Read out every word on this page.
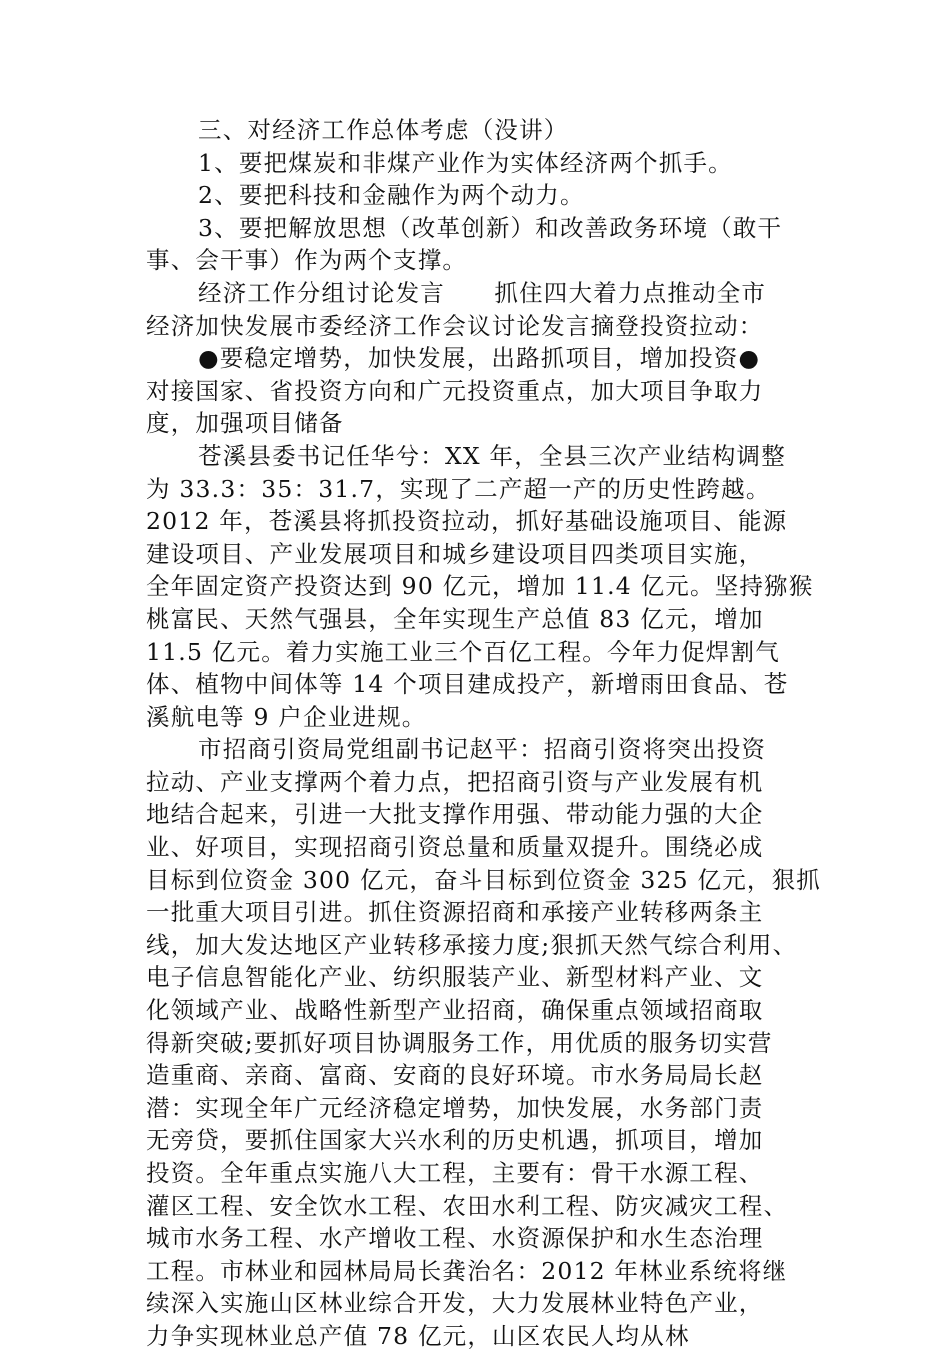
三、对经济工作总体考虑（没讲）
1、要把煤炭和非煤产业作为实体经济两个抓手。
2、要把科技和金融作为两个动力。
3、要把解放思想（改革创新）和改善政务环境（敢干
事、会干事）作为两个支撑。
经济工作分组讨论发言　　抓住四大着力点推动全市
经济加快发展市委经济工作会议讨论发言摘登投资拉动：
●要稳定增势，加快发展，出路抓项目，增加投资●
对接国家、省投资方向和广元投资重点，加大项目争取力
度，加强项目储备
苍溪县委书记任华兮：XX 年，全县三次产业结构调整
为 33.3：35：31.7，实现了二产超一产的历史性跨越。
2012 年，苍溪县将抓投资拉动，抓好基础设施项目、能源
建设项目、产业发展项目和城乡建设项目四类项目实施，
全年固定资产投资达到 90 亿元，增加 11.4 亿元。坚持猕猴
桃富民、天然气强县，全年实现生产总值 83 亿元，增加
11.5 亿元。着力实施工业三个百亿工程。今年力促焊割气
体、植物中间体等 14 个项目建成投产，新增雨田食品、苍
溪航电等 9 户企业进规。
市招商引资局党组副书记赵平：招商引资将突出投资
拉动、产业支撑两个着力点，把招商引资与产业发展有机
地结合起来，引进一大批支撑作用强、带动能力强的大企
业、好项目，实现招商引资总量和质量双提升。围绕必成
目标到位资金 300 亿元，奋斗目标到位资金 325 亿元，狠抓
一批重大项目引进。抓住资源招商和承接产业转移两条主
线，加大发达地区产业转移承接力度;狠抓天然气综合利用、
电子信息智能化产业、纺织服装产业、新型材料产业、文
化领域产业、战略性新型产业招商，确保重点领域招商取
得新突破;要抓好项目协调服务工作，用优质的服务切实营
造重商、亲商、富商、安商的良好环境。市水务局局长赵
潜：实现全年广元经济稳定增势，加快发展，水务部门责
无旁贷，要抓住国家大兴水利的历史机遇，抓项目，增加
投资。全年重点实施八大工程，主要有：骨干水源工程、
灌区工程、安全饮水工程、农田水利工程、防灾减灾工程、
城市水务工程、水产增收工程、水资源保护和水生态治理
工程。市林业和园林局局长龚治名：2012 年林业系统将继
续深入实施山区林业综合开发，大力发展林业特色产业，
力争实现林业总产值 78 亿元，山区农民人均从林
